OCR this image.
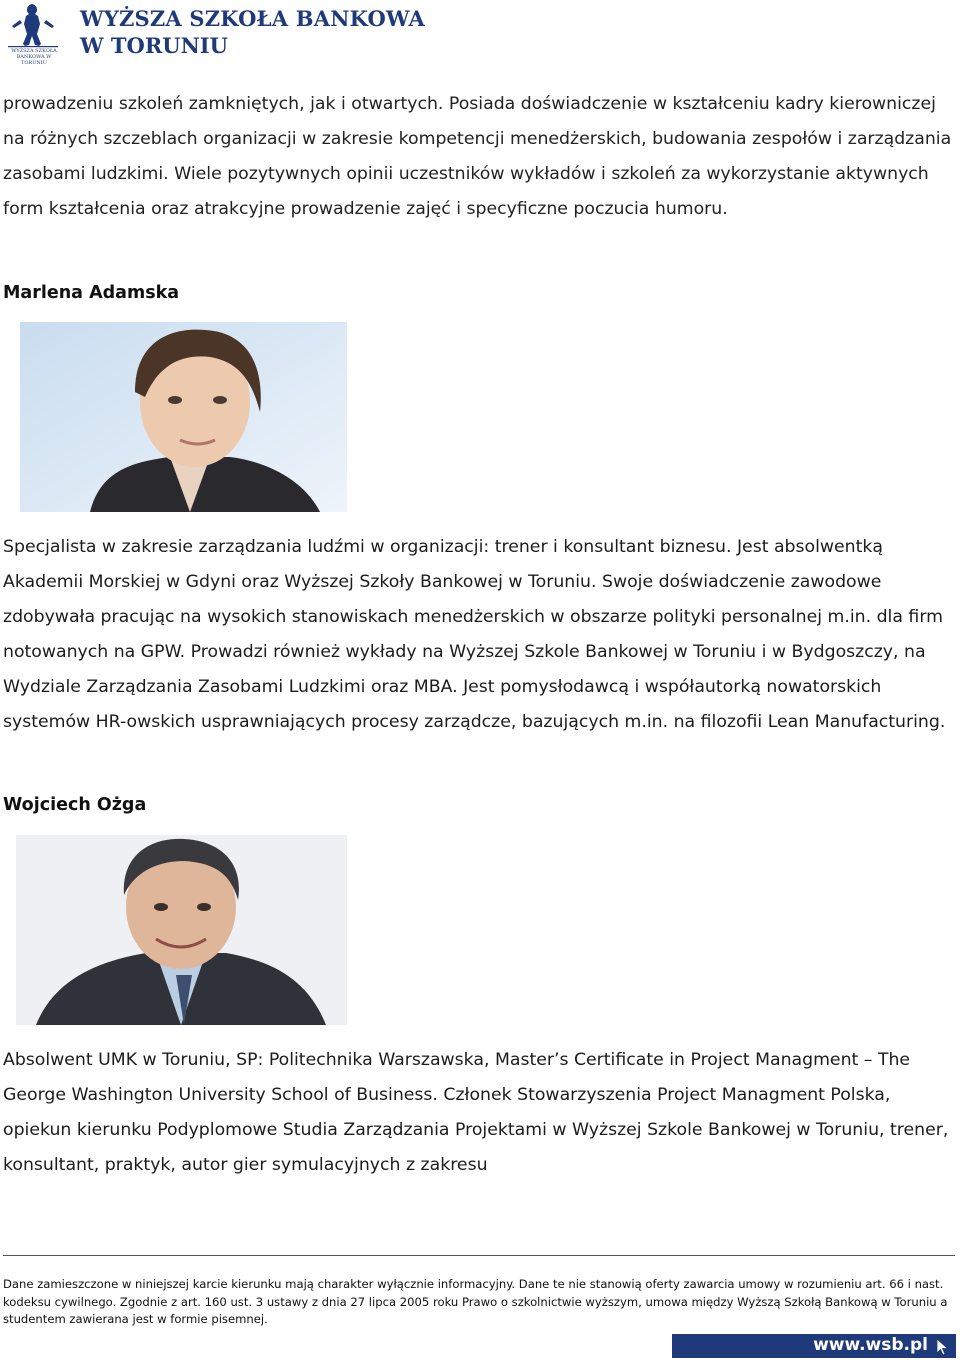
WYŻSZA SZKOŁA BANKOWA W TORUNIU
WYŻSZA SZKOŁA BANKOWA
W TORUNIU

prowadzeniu szkoleń zamkniętych, jak i otwartych. Posiada doświadczenie w kształceniu kadry kierowniczej na różnych szczeblach organizacji w zakresie kompetencji menedżerskich, budowania zespołów i zarządzania zasobami ludzkimi. Wiele pozytywnych opinii uczestników wykładów i szkoleń za wykorzystanie aktywnych form kształcenia oraz atrakcyjne prowadzenie zajęć i specyficzne poczucia humoru.

Marlena Adamska

Specjalista w zakresie zarządzania ludźmi w organizacji: trener i konsultant biznesu. Jest absolwentką Akademii Morskiej w Gdyni oraz Wyższej Szkoły Bankowej w Toruniu. Swoje doświadczenie zawodowe zdobywała pracując na wysokich stanowiskach menedżerskich w obszarze polityki personalnej m.in. dla firm notowanych na GPW. Prowadzi również wykłady na Wyższej Szkole Bankowej w Toruniu i w Bydgoszczy, na Wydziale Zarządzania Zasobami Ludzkimi oraz MBA. Jest pomysłodawcą i współautorką nowatorskich systemów HR-owskich usprawniających procesy zarządcze, bazujących m.in. na filozofii Lean Manufacturing.

Wojciech Ożga

Absolwent UMK w Toruniu, SP: Politechnika Warszawska, Master’s Certificate in Project Managment – The George Washington University School of Business. Członek Stowarzyszenia Project Managment Polska, opiekun kierunku Podyplomowe Studia Zarządzania Projektami w Wyższej Szkole Bankowej w Toruniu, trener, konsultant, praktyk, autor gier symulacyjnych z zakresu

Dane zamieszczone w niniejszej karcie kierunku mają charakter wyłącznie informacyjny. Dane te nie stanowią oferty zawarcia umowy w rozumieniu art. 66 i nast. kodeksu cywilnego. Zgodnie z art. 160 ust. 3 ustawy z dnia 27 lipca 2005 roku Prawo o szkolnictwie wyższym, umowa między Wyższą Szkołą Bankową w Toruniu a studentem zawierana jest w formie pisemnej.

www.wsb.pl
